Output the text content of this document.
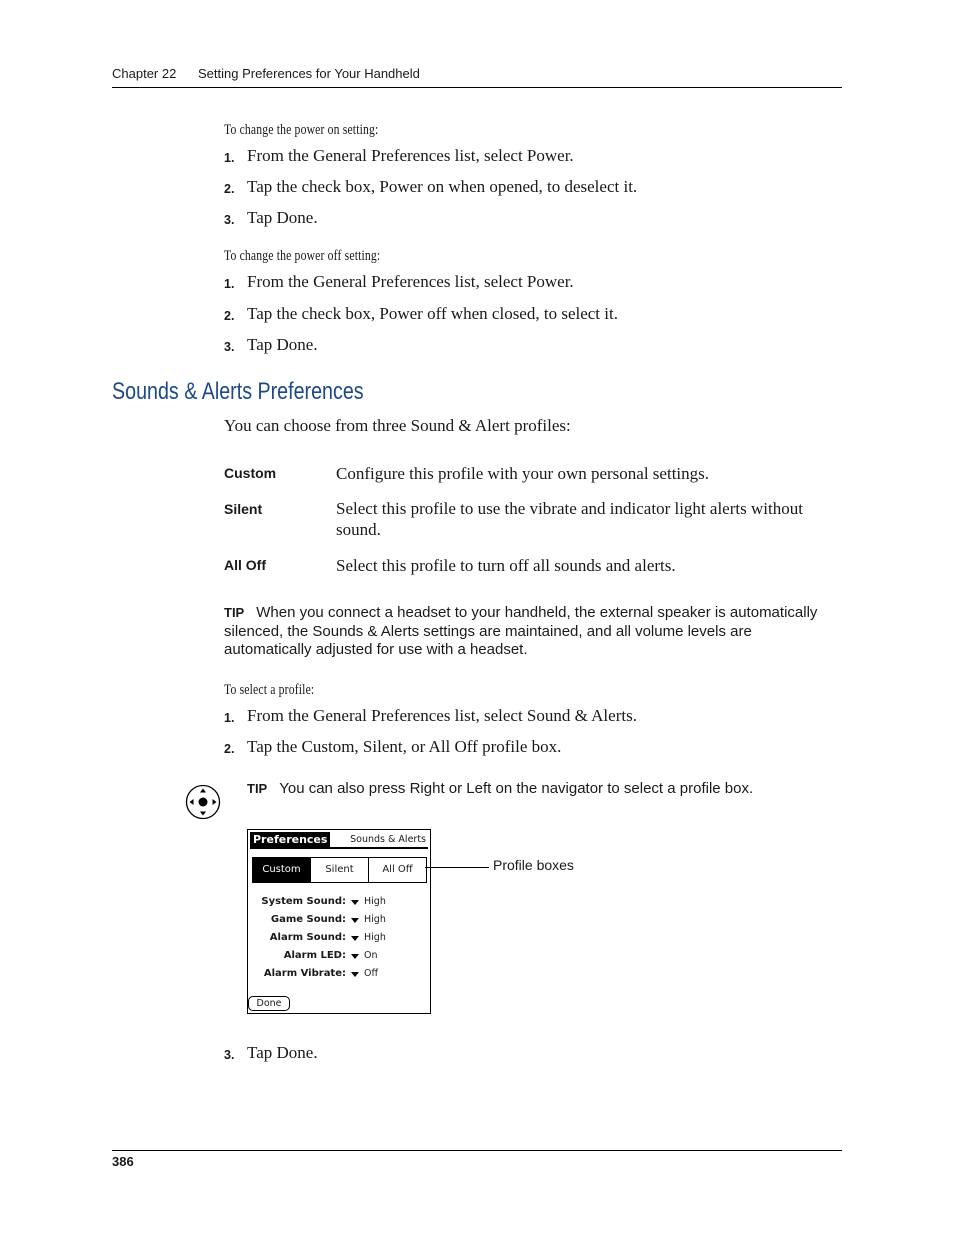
Chapter 22 Setting Preferences for Your Handheld
To change the power on setting:
1. From the General Preferences list, select Power.
2. Tap the check box, Power on when opened, to deselect it.
3. Tap Done.
To change the power off setting:
1. From the General Preferences list, select Power.
2. Tap the check box, Power off when closed, to select it.
3. Tap Done.
Sounds & Alerts Preferences
You can choose from three Sound & Alert profiles:
Custom	Configure this profile with your own personal settings.
Silent	Select this profile to use the vibrate and indicator light alerts without sound.
All Off	Select this profile to turn off all sounds and alerts.
TIP When you connect a headset to your handheld, the external speaker is automatically silenced, the Sounds & Alerts settings are maintained, and all volume levels are automatically adjusted for use with a headset.
To select a profile:
1. From the General Preferences list, select Sound & Alerts.
2. Tap the Custom, Silent, or All Off profile box.
TIP You can also press Right or Left on the navigator to select a profile box.
Preferences	Sounds & Alerts
Custom	Silent	All Off
System Sound: High
Game Sound: High
Alarm Sound: High
Alarm LED: On
Alarm Vibrate: Off
Done
Profile boxes
3. Tap Done.
386
